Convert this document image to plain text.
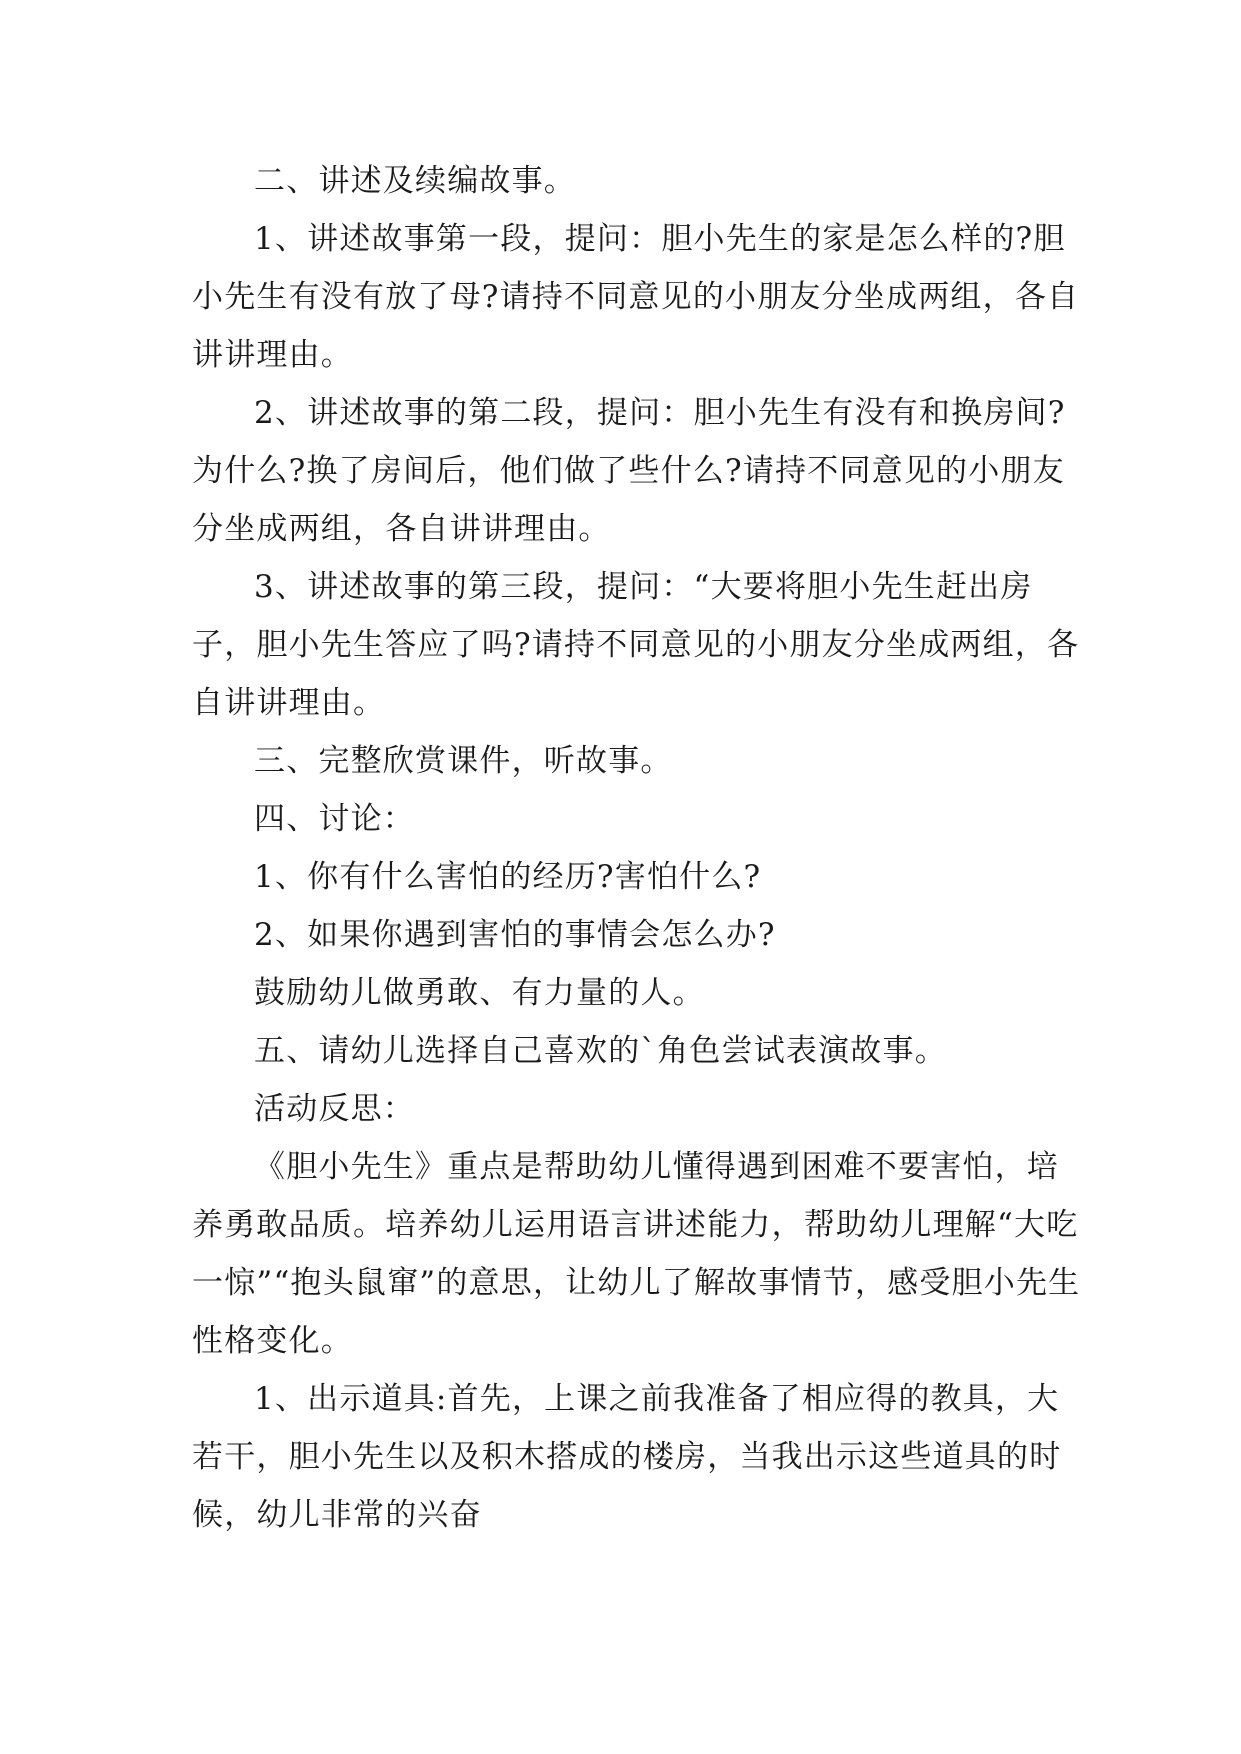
二、讲述及续编故事。

1、讲述故事第一段，提问：胆小先生的家是怎么样的?胆小先生有没有放了母?请持不同意见的小朋友分坐成两组，各自讲讲理由。

2、讲述故事的第二段，提问：胆小先生有没有和换房间?为什么?换了房间后，他们做了些什么?请持不同意见的小朋友分坐成两组，各自讲讲理由。

3、讲述故事的第三段，提问：“大要将胆小先生赶出房子，胆小先生答应了吗?请持不同意见的小朋友分坐成两组，各自讲讲理由。

三、完整欣赏课件，听故事。

四、讨论：

1、你有什么害怕的经历?害怕什么?

2、如果你遇到害怕的事情会怎么办?

鼓励幼儿做勇敢、有力量的人。

五、请幼儿选择自己喜欢的`角色尝试表演故事。

活动反思：

《胆小先生》重点是帮助幼儿懂得遇到困难不要害怕，培养勇敢品质。培养幼儿运用语言讲述能力，帮助幼儿理解“大吃一惊”“抱头鼠窜”的意思，让幼儿了解故事情节，感受胆小先生性格变化。

1、出示道具:首先，上课之前我准备了相应得的教具，大若干，胆小先生以及积木搭成的楼房，当我出示这些道具的时候，幼儿非常的兴奋
